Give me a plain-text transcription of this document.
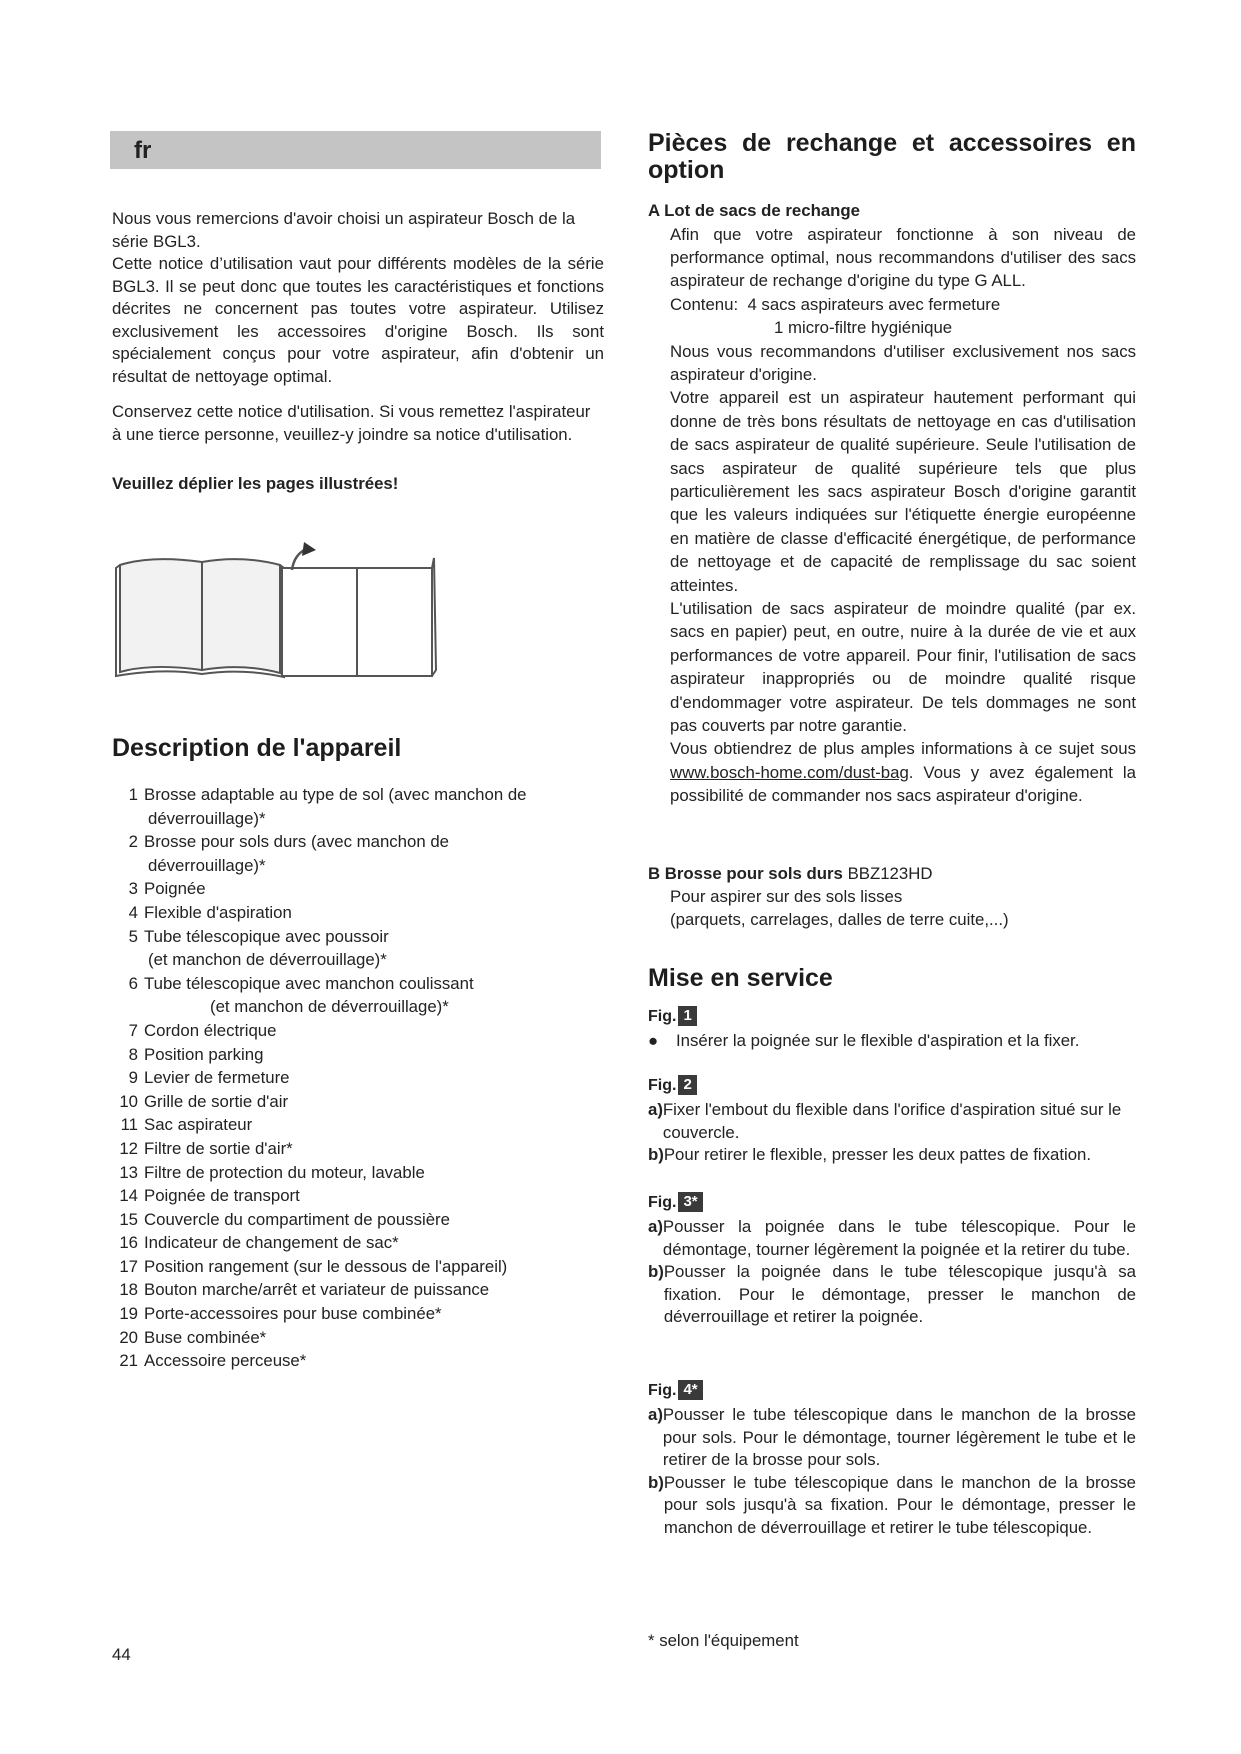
fr

Nous vous remercions d'avoir choisi un aspirateur Bosch de la série BGL3.

Cette notice d’utilisation vaut pour différents modèles de la série BGL3. Il se peut donc que toutes les caractéristiques et fonctions décrites ne concernent pas toutes votre aspirateur. Utilisez exclusivement les accessoires d'origine Bosch. Ils sont spécialement conçus pour votre aspirateur, afin d'obtenir un résultat de nettoyage optimal.

Conservez cette notice d'utilisation. Si vous remettez l'aspirateur à une tierce personne, veuillez-y joindre sa notice d'utilisation.

Veuillez déplier les pages illustrées!

Description de l'appareil
1 Brosse adaptable au type de sol (avec manchon de
déverrouillage)*
2 Brosse pour sols durs (avec manchon de
déverrouillage)*
3 Poignée
4 Flexible d'aspiration
5 Tube télescopique avec poussoir
(et manchon de déverrouillage)*
6 Tube télescopique avec manchon coulissant
(et manchon de déverrouillage)*
7 Cordon électrique
8 Position parking
9 Levier de fermeture
10 Grille de sortie d'air
11 Sac aspirateur
12 Filtre de sortie d'air*
13 Filtre de protection du moteur, lavable
14 Poignée de transport
15 Couvercle du compartiment de poussière
16 Indicateur de changement de sac*
17 Position rangement (sur le dessous de l'appareil)
18 Bouton marche/arrêt et variateur de puissance
19 Porte-accessoires pour buse combinée*
20 Buse combinée*
21 Accessoire perceuse*
Pièces de rechange et accessoires en option

A Lot de sacs de rechange

Afin que votre aspirateur fonctionne à son niveau de performance optimal, nous recommandons d'utiliser des sacs aspirateur de rechange d'origine du type G ALL.

Contenu: 4 sacs aspirateurs avec fermeture

1 micro-filtre hygiénique

Nous vous recommandons d'utiliser exclusivement nos sacs aspirateur d'origine.

Votre appareil est un aspirateur hautement performant qui donne de très bons résultats de nettoyage en cas d'utilisation de sacs aspirateur de qualité supérieure. Seule l'utilisation de sacs aspirateur de qualité supérieure tels que plus particulièrement les sacs aspirateur Bosch d'origine garantit que les valeurs indiquées sur l'étiquette énergie européenne en matière de classe d'efficacité énergétique, de performance de nettoyage et de capacité de remplissage du sac soient atteintes.

L'utilisation de sacs aspirateur de moindre qualité (par ex. sacs en papier) peut, en outre, nuire à la durée de vie et aux performances de votre appareil. Pour finir, l'utilisation de sacs aspirateur inappropriés ou de moindre qualité risque d'endommager votre aspirateur. De tels dommages ne sont pas couverts par notre garantie.

Vous obtiendrez de plus amples informations à ce sujet sous www.bosch-home.com/dust-bag. Vous y avez également la possibilité de commander nos sacs aspirateur d'origine.

B Brosse pour sols durs BBZ123HD

Pour aspirer sur des sols lisses

(parquets, carrelages, dalles de terre cuite,...)

Mise en service
Fig. 1
●	Insérer la poignée sur le flexible d'aspiration et la fixer.
Fig. 2
a) Fixer l'embout du flexible dans l'orifice d'aspiration situé sur le couvercle.
b) Pour retirer le flexible, presser les deux pattes de fixation.
Fig. 3*
a) Pousser la poignée dans le tube télescopique. Pour le démontage, tourner légèrement la poignée et la retirer du tube.
b) Pousser la poignée dans le tube télescopique jusqu'à sa fixation. Pour le démontage, presser le manchon de déverrouillage et retirer la poignée.
Fig. 4*
a) Pousser le tube télescopique dans le manchon de la brosse pour sols. Pour le démontage, tourner légèrement le tube et le retirer de la brosse pour sols.
b) Pousser le tube télescopique dans le manchon de la brosse pour sols jusqu'à sa fixation. Pour le démontage, presser le manchon de déverrouillage et retirer le tube télescopique.
44
* selon l'équipement
